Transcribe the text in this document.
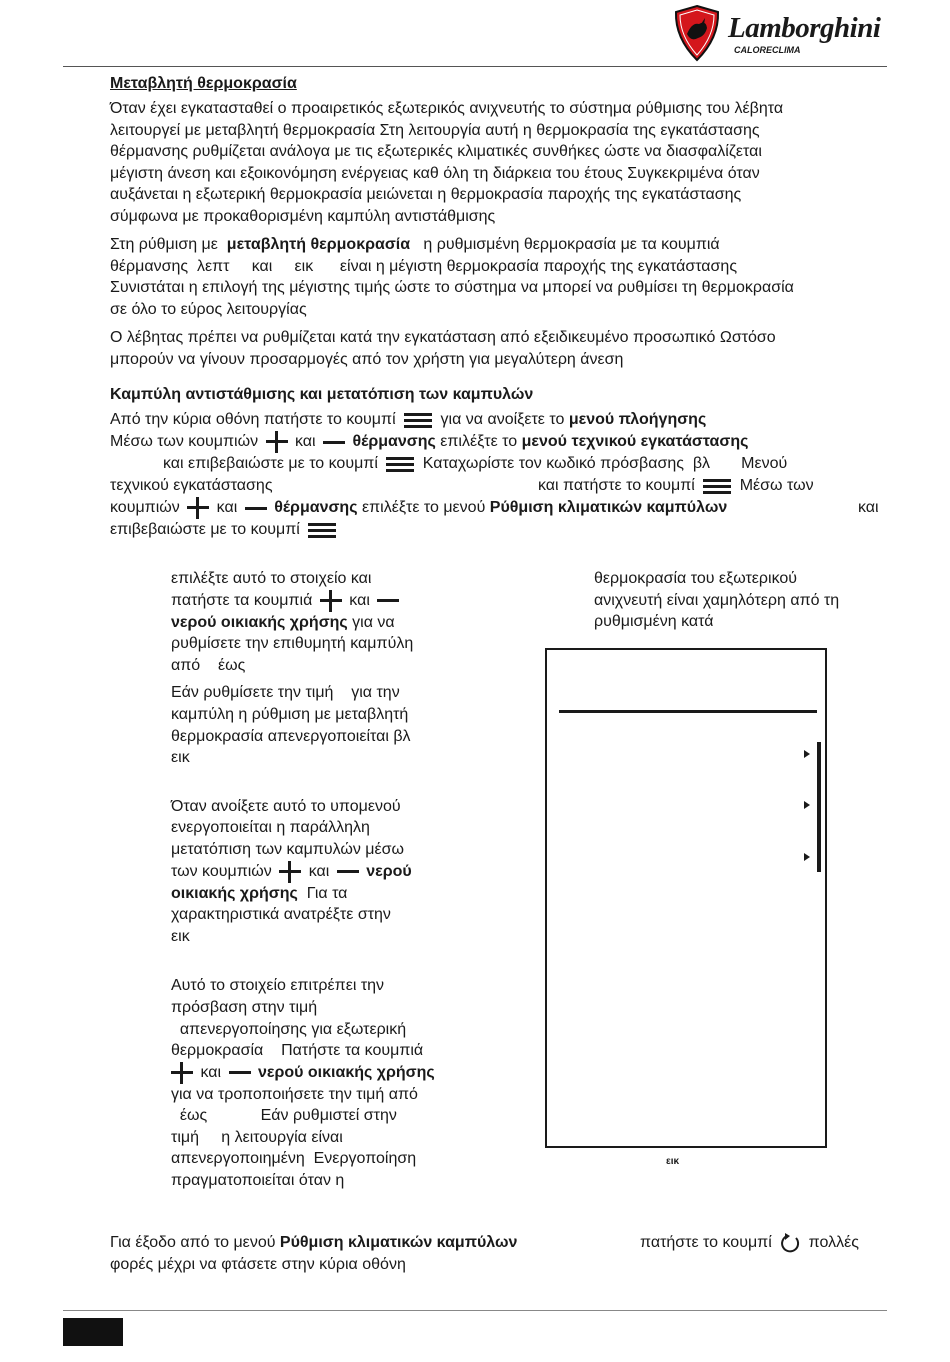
Lamborghini
CALORECLIMA
Μεταβλητή θερμοκρασία
Όταν έχει εγκατασταθεί ο προαιρετικός εξωτερικός ανιχνευτής το σύστημα ρύθμισης του λέβητα
λειτουργεί με μεταβλητή θερμοκρασία Στη λειτουργία αυτή η θερμοκρασία της εγκατάστασης
θέρμανσης ρυθμίζεται ανάλογα με τις εξωτερικές κλιματικές συνθήκες ώστε να διασφαλίζεται
μέγιστη άνεση και εξοικονόμηση ενέργειας καθ όλη τη διάρκεια του έτους Συγκεκριμένα όταν
αυξάνεται η εξωτερική θερμοκρασία μειώνεται η θερμοκρασία παροχής της εγκατάστασης
σύμφωνα με προκαθορισμένη καμπύλη αντιστάθμισης
Στη ρύθμιση με  μεταβλητή θερμοκρασία   η ρυθμισμένη θερμοκρασία με τα κουμπιά
θέρμανσης  λεπτ     και     εικ      είναι η μέγιστη θερμοκρασία παροχής της εγκατάστασης
Συνιστάται η επιλογή της μέγιστης τιμής ώστε το σύστημα να μπορεί να ρυθμίσει τη θερμοκρασία
σε όλο το εύρος λειτουργίας
Ο λέβητας πρέπει να ρυθμίζεται κατά την εγκατάσταση από εξειδικευμένο προσωπικό Ωστόσο
μπορούν να γίνουν προσαρμογές από τον χρήστη για μεγαλύτερη άνεση
Καμπύλη αντιστάθμισης και μετατόπιση των καμπυλών
Από την κύρια οθόνη πατήστε το κουμπί	για να ανοίξετε το μενού πλοήγησης
Μέσω των κουμπιών και θέρμανσης επιλέξτε το μενού τεχνικού εγκατάστασης
και επιβεβαιώστε με το κουμπί	Καταχωρίστε τον κωδικό πρόσβασης  βλ       Μενού
τεχνικού εγκατάστασης	και πατήστε το κουμπί	Μέσω των
κουμπιών και θέρμανσης επιλέξτε το μενού Ρύθμιση κλιματικών καμπύλων	και
επιβεβαιώστε με το κουμπί
επιλέξτε αυτό το στοιχείο και
πατήστε τα κουμπιά και
νερού οικιακής χρήσης για να
ρυθμίσετε την επιθυμητή καμπύλη
από    έως
Εάν ρυθμίσετε την τιμή    για την
καμπύλη η ρύθμιση με μεταβλητή
θερμοκρασία απενεργοποιείται βλ
εικ
Όταν ανοίξετε αυτό το υπομενού
ενεργοποιείται η παράλληλη
μετατόπιση των καμπυλών μέσω
των κουμπιών και νερού
οικιακής χρήσης  Για τα
χαρακτηριστικά ανατρέξτε στην
εικ
Αυτό το στοιχείο επιτρέπει την
πρόσβαση στην τιμή
απενεργοποίησης για εξωτερική
θερμοκρασία    Πατήστε τα κουμπιά
και νερού οικιακής χρήσης
για να τροποποιήσετε την τιμή από
έως            Εάν ρυθμιστεί στην
τιμή     η λειτουργία είναι
απενεργοποιημένη  Ενεργοποίηση
πραγματοποιείται όταν η
θερμοκρασία του εξωτερικού
ανιχνευτή είναι χαμηλότερη από τη
ρυθμισμένη κατά
εικ
Για έξοδο από το μενού Ρύθμιση κλιματικών καμπύλων	πατήστε το κουμπί πολλές
φορές μέχρι να φτάσετε στην κύρια οθόνη
